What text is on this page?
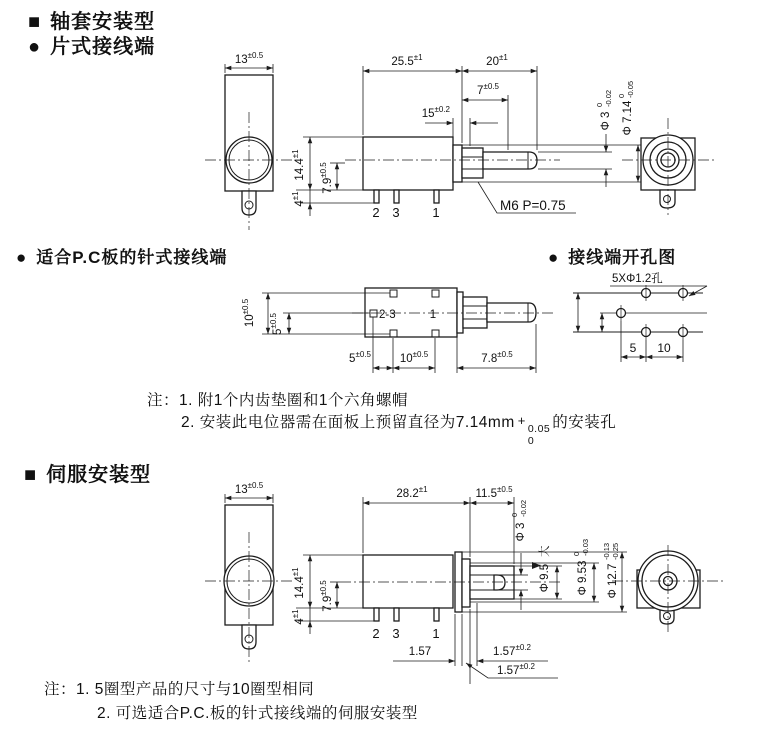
$13^{\pm 0.5}$
2 3	1
$25.5^{\pm 1}$	$20^{\pm 1}$
$7^{\pm 0.5}$
$15^{\pm 0.2}$
$14.4^{\pm 1}$
$7.9^{\pm 0.5}$
$4^{\pm 1}$
Φ 3
0 -0.02
Φ 7.14
0 -0.05
M6 P=0.75
2-3	1
$10^{\pm 0.5}$
$5^{\pm 0.5}$
$5^{\pm 0.5}$	$10^{\pm 0.5}$	$7.8^{\pm 0.5}$	5 10
5XΦ1.2孔
$13^{\pm 0.5}$
2 3	1
$28.2^{\pm 1}$	$11.5^{\pm 0.5}$
$14.4^{\pm 1}$
$7.9^{\pm 0.5}$
$4^{\pm 1}$
Φ 3
0 -0.02
Φ 9.5
大
Φ 9.53
0 -0.03
Φ 12.7
-0.13 -0.25
1.57	$1.57^{\pm 0.2}$
$1.57^{\pm 0.2}$
■ 轴套安装型
● 片式接线端
● 适合P.C板的针式接线端	● 接线端开孔图
■ 伺服安装型
注：1. 附1个内齿垫圈和1个六角螺帽
2. 安装此电位器需在面板上预留直径为7.14mm +
0.05
0
的安装孔
注：1. 5圈型产品的尺寸与10圈型相同
2. 可选适合P.C.板的针式接线端的伺服安装型
